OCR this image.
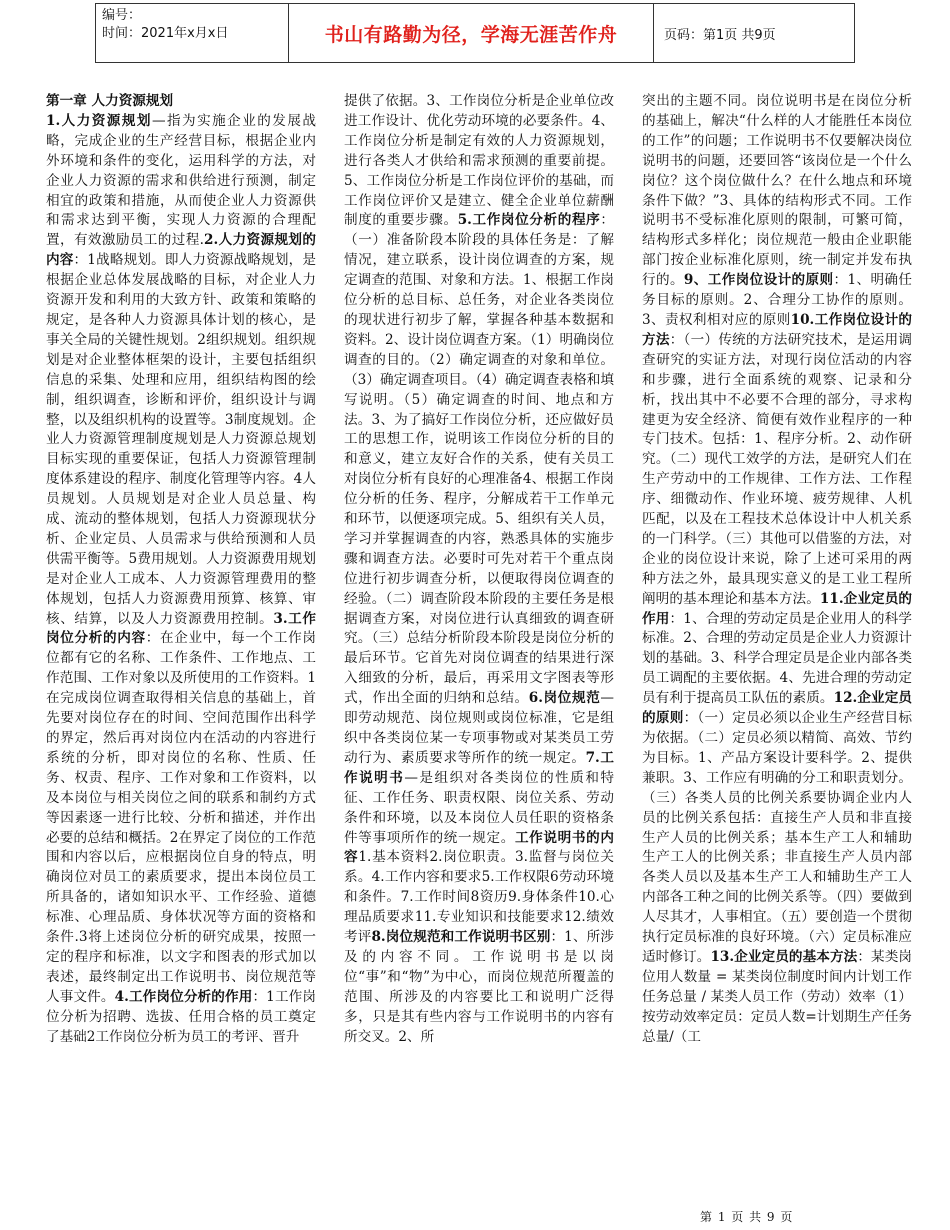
编号：
时间：2021年x月x日	书山有路勤为径，学海无涯苦作舟	页码：第1页 共9页
第一章 人力资源规划
1.人力资源规划—指为实施企业的发展战略，完成企业的生产经营目标，根据企业内外环境和条件的变化，运用科学的方法，对企业人力资源的需求和供给进行预测，制定相宜的政策和措施，从而使企业人力资源供和需求达到平衡，实现人力资源的合理配置，有效激励员工的过程.2.人力资源规划的内容：1战略规划。即人力资源战略规划，是根据企业总体发展战略的目标，对企业人力资源开发和利用的大致方针、政策和策略的规定，是各种人力资源具体计划的核心，是事关全局的关键性规划。2组织规划。组织规划是对企业整体框架的设计，主要包括组织信息的采集、处理和应用，组织结构图的绘制，组织调查，诊断和评价，组织设计与调整，以及组织机构的设置等。3制度规划。企业人力资源管理制度规划是人力资源总规划目标实现的重要保证，包括人力资源管理制度体系建设的程序、制度化管理等内容。4人员规划。人员规划是对企业人员总量、构成、流动的整体规划，包括人力资源现状分析、企业定员、人员需求与供给预测和人员供需平衡等。5费用规划。人力资源费用规划是对企业人工成本、人力资源管理费用的整体规划，包括人力资源费用预算、核算、审核、结算，以及人力资源费用控制。3.工作岗位分析的内容：在企业中，每一个工作岗位都有它的名称、工作条件、工作地点、工作范围、工作对象以及所使用的工作资料。1在完成岗位调查取得相关信息的基础上，首先要对岗位存在的时间、空间范围作出科学的界定，然后再对岗位内在活动的内容进行系统的分析，即对岗位的名称、性质、任务、权责、程序、工作对象和工作资料，以及本岗位与相关岗位之间的联系和制约方式等因素逐一进行比较、分析和描述，并作出必要的总结和概括。2在界定了岗位的工作范围和内容以后，应根据岗位自身的特点，明确岗位对员工的素质要求，提出本岗位员工所具备的，诸如知识水平、工作经验、道德标准、心理品质、身体状况等方面的资格和条件.3将上述岗位分析的研究成果，按照一定的程序和标准，以文字和图表的形式加以表述，最终制定出工作说明书、岗位规范等人事文件。4.工作岗位分析的作用：1工作岗位分析为招聘、选拔、任用合格的员工奠定了基础2工作岗位分析为员工的考评、晋升
提供了依据。3、工作岗位分析是企业单位改进工作设计、优化劳动环境的必要条件。4、工作岗位分析是制定有效的人力资源规划，进行各类人才供给和需求预测的重要前提。5、工作岗位分析是工作岗位评价的基础，而工作岗位评价又是建立、健全企业单位薪酬制度的重要步骤。5.工作岗位分析的程序：（一）准备阶段本阶段的具体任务是：了解情况，建立联系，设计岗位调查的方案，规定调查的范围、对象和方法。1、根据工作岗位分析的总目标、总任务，对企业各类岗位的现状进行初步了解，掌握各种基本数据和资料。2、设计岗位调查方案。（1）明确岗位调查的目的。（2）确定调查的对象和单位。（3）确定调查项目。（4）确定调查表格和填写说明。（5）确定调查的时间、地点和方法。3、为了搞好工作岗位分析，还应做好员工的思想工作，说明该工作岗位分析的目的和意义，建立友好合作的关系，使有关员工对岗位分析有良好的心理准备4、根据工作岗位分析的任务、程序，分解成若干工作单元和环节，以便逐项完成。5、组织有关人员，学习并掌握调查的内容，熟悉具体的实施步骤和调查方法。必要时可先对若干个重点岗位进行初步调查分析，以便取得岗位调查的经验。（二）调查阶段本阶段的主要任务是根据调查方案，对岗位进行认真细致的调查研究。（三）总结分析阶段本阶段是岗位分析的最后环节。它首先对岗位调查的结果进行深入细致的分析，最后，再采用文字图表等形式，作出全面的归纳和总结。6.岗位规范—即劳动规范、岗位规则或岗位标准，它是组织中各类岗位某一专项事物或对某类员工劳动行为、素质要求等所作的统一规定。7.工作说明书—是组织对各类岗位的性质和特征、工作任务、职责权限、岗位关系、劳动条件和环境，以及本岗位人员任职的资格条件等事项所作的统一规定。工作说明书的内容1.基本资料2.岗位职责。3.监督与岗位关系。4.工作内容和要求5.工作权限6劳动环境和条件。7.工作时间8资历9.身体条件10.心理品质要求11.专业知识和技能要求12.绩效考评8.岗位规范和工作说明书区别：1、所涉及的内容不同。工作说明书是以岗位“事”和“物”为中心，而岗位规范所覆盖的范围、所涉及的内容要比工和说明广泛得多，只是其有些内容与工作说明书的内容有所交叉。2、所
突出的主题不同。岗位说明书是在岗位分析的基础上，解决“什么样的人才能胜任本岗位的工作”的问题；工作说明书不仅要解决岗位说明书的问题，还要回答“该岗位是一个什么岗位？这个岗位做什么？在什么地点和环境条件下做？”3、具体的结构形式不同。工作说明书不受标准化原则的限制，可繁可简，结构形式多样化；岗位规范一般由企业职能部门按企业标准化原则，统一制定并发布执行的。9、工作岗位设计的原则：1、明确任务目标的原则。2、合理分工协作的原则。3、责权利相对应的原则10.工作岗位设计的方法：（一）传统的方法研究技术，是运用调查研究的实证方法，对现行岗位活动的内容和步骤，进行全面系统的观察、记录和分析，找出其中不必要不合理的部分，寻求构建更为安全经济、简便有效作业程序的一种专门技术。包括：1、程序分析。2、动作研究。（二）现代工效学的方法，是研究人们在生产劳动中的工作规律、工作方法、工作程序、细微动作、作业环境、疲劳规律、人机匹配，以及在工程技术总体设计中人机关系的一门科学。（三）其他可以借鉴的方法，对企业的岗位设计来说，除了上述可采用的两种方法之外，最具现实意义的是工业工程所阐明的基本理论和基本方法。11.企业定员的作用：1、合理的劳动定员是企业用人的科学标准。2、合理的劳动定员是企业人力资源计划的基础。3、科学合理定员是企业内部各类员工调配的主要依据。4、先进合理的劳动定员有利于提高员工队伍的素质。12.企业定员的原则：（一）定员必须以企业生产经营目标为依据。（二）定员必须以精简、高效、节约为目标。1、产品方案设计要科学。2、提供兼职。3、工作应有明确的分工和职责划分。（三）各类人员的比例关系要协调企业内人员的比例关系包括：直接生产人员和非直接生产人员的比例关系；基本生产工人和辅助生产工人的比例关系；非直接生产人员内部各类人员以及基本生产工人和辅助生产工人内部各工种之间的比例关系等。（四）要做到人尽其才，人事相宜。（五）要创造一个贯彻执行定员标准的良好环境。（六）定员标准应适时修订。13.企业定员的基本方法：某类岗位用人数量 = 某类岗位制度时间内计划工作任务总量 / 某类人员工作（劳动）效率（1）按劳动效率定员：定员人数=计划期生产任务总量/（工
第 1 页 共 9 页
